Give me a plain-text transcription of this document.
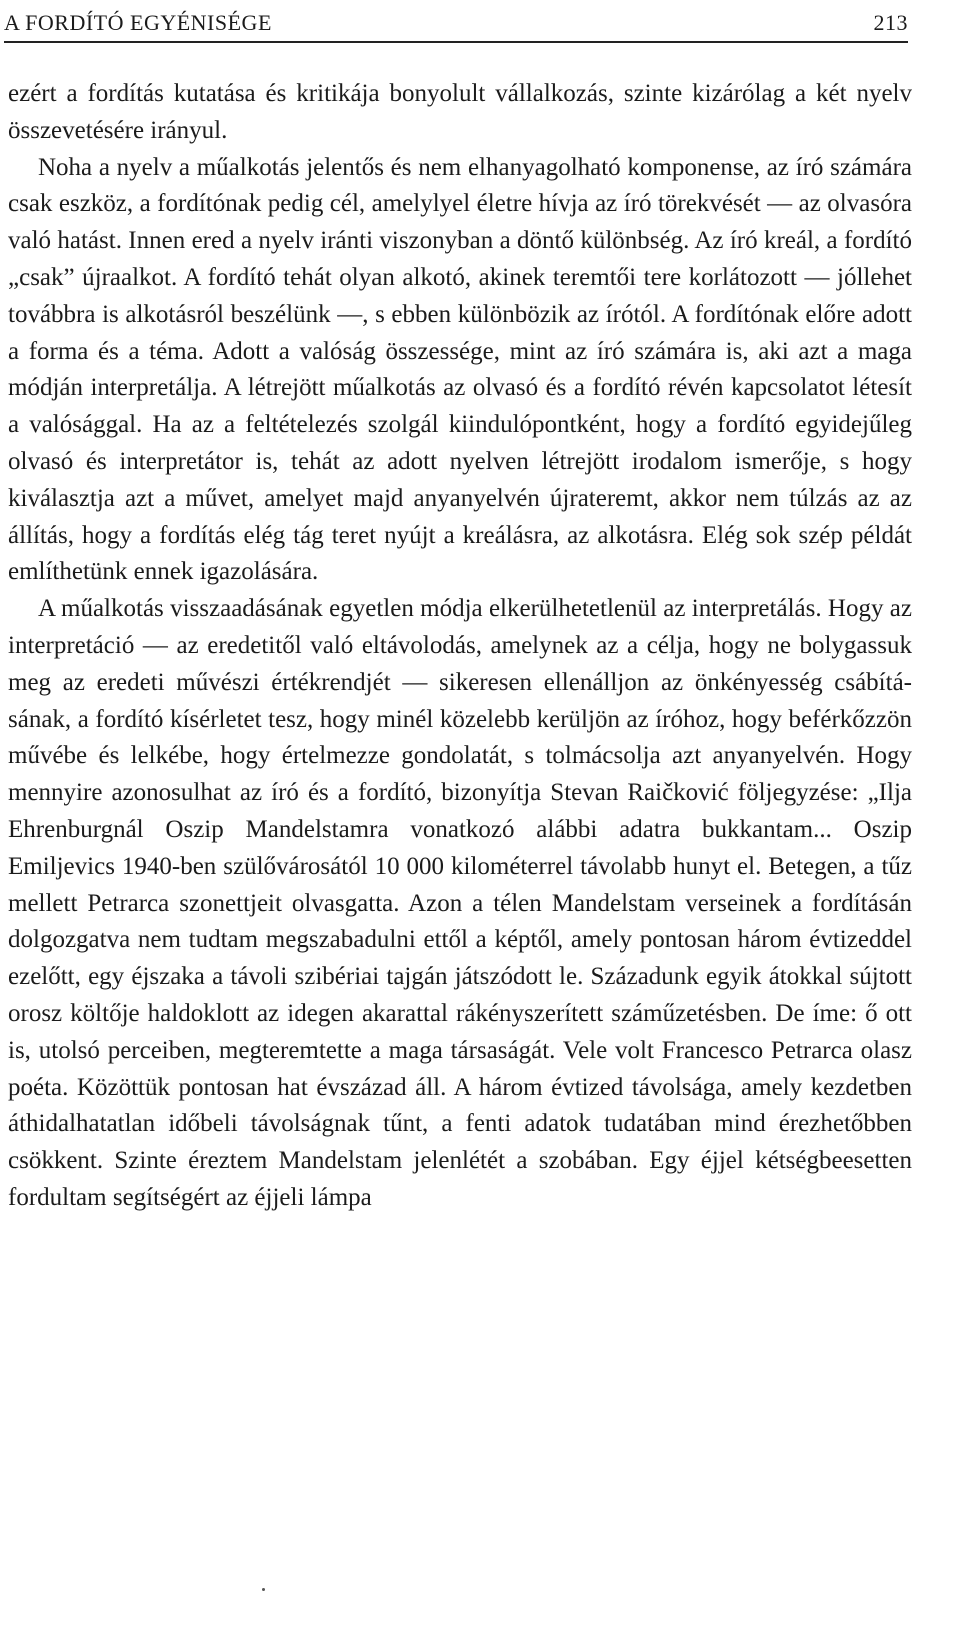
A FORDÍTÓ EGYÉNISÉGE	213

ezért a fordítás kutatása és kritikája bonyolult vállalkozás, szinte kizárólag a két nyelv összevetésére irányul.

Noha a nyelv a műalkotás jelentős és nem elhanyagolható komponense, az író számára csak eszköz, a fordítónak pedig cél, amelylyel életre hívja az író törekvését — az olvasóra való hatást. Innen ered a nyelv iránti viszonyban a döntő különbség. Az író kreál, a fordító „csak” újraalkot. A fordító tehát olyan alkotó, akinek teremtői tere korlátozott — jóllehet továbbra is alkotásról beszélünk —, s ebben különbözik az írótól. A fordítónak előre adott a forma és a téma. Adott a valóság összessége, mint az író számára is, aki azt a maga módján interpretálja. A létrejött műalkotás az olvasó és a fordító révén kapcsolatot létesít a valósággal. Ha az a feltételezés szolgál kiindulópontként, hogy a fordító egyidejűleg olvasó és interpretátor is, tehát az adott nyelven létrejött irodalom ismerője, s hogy kiválasztja azt a művet, amelyet majd anyanyelvén újrateremt, akkor nem túlzás az az állítás, hogy a fordítás elég tág teret nyújt a kreálásra, az alkotásra. Elég sok szép példát említhetünk ennek igazolására.

A műalkotás visszaadásának egyetlen módja elkerülhetetlenül az interpretálás. Hogy az interpretáció — az eredetitől való eltávolodás, amelynek az a célja, hogy ne bolygassuk meg az eredeti művészi értékrendjét — sikeresen ellenálljon az önkényesség csábításának, a fordító kísérletet tesz, hogy minél közelebb kerüljön az íróhoz, hogy beférkőzzön művébe és lelkébe, hogy értelmezze gondolatát, s tolmácsolja azt anyanyelvén. Hogy mennyire azonosulhat az író és a fordító, bizonyítja Stevan Raičković följegyzése: „Ilja Ehrenburgnál Oszip Mandelstamra vonatkozó alábbi adatra bukkantam... Oszip Emiljevics 1940-ben szülővárosától 10 000 kilométerrel távolabb hunyt el. Betegen, a tűz mellett Petrarca szonettjeit olvasgatta. Azon a télen Mandelstam verseinek a fordításán dolgozgatva nem tudtam megszabadulni ettől a képtől, amely pontosan három évtizeddel ezelőtt, egy éjszaka a távoli szibériai tajgán játszódott le. Századunk egyik átokkal sújtott orosz költője haldoklott az idegen akarattal rákényszerített száműzetésben. De íme: ő ott is, utolsó perceiben, megteremtette a maga társaságát. Vele volt Francesco Petrarca olasz poéta. Közöttük pontosan hat évszázad áll. A három évtized távolsága, amely kezdetben áthidalhatatlan időbeli távolságnak tűnt, a fenti adatok tudatában mind érezhetőbben csökkent. Szinte éreztem Mandelstam jelenlétét a szobában. Egy éjjel kétségbeesetten fordultam segítségért az éjjeli lámpa
